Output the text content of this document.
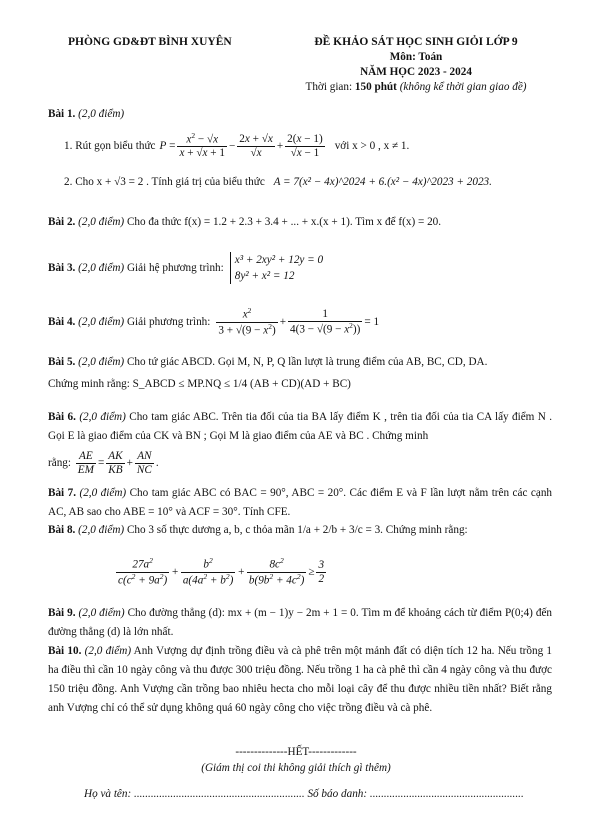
PHÒNG GD&ĐT BÌNH XUYÊN	ĐỀ KHẢO SÁT HỌC SINH GIỎI LỚP 9
Môn: Toán
NĂM HỌC 2023 - 2024
Thời gian: 150 phút (không kể thời gian giao đề)
Bài 1. (2,0 điểm)
1. Rút gọn biểu thức $P = \frac{x^2 - √x}{x + √x + 1} - \frac{2x + √x}{√x} + \frac{2(x - 1)}{√x - 1}$ với x > 0 , x ≠ 1.
2. Cho x + √3 = 2 . Tính giá trị của biểu thức A = 7(x² − 4x)^2024 + 6.(x² − 4x)^2023 + 2023.
Bài 2. (2,0 điểm) Cho đa thức f(x) = 1.2 + 2.3 + 3.4 + ... + x.(x + 1). Tìm x để f(x) = 20.
Bài 3.
(2,0 điểm)
Giải hệ phương trình:
x³ + 2xy² + 12y = 0
8y² + x² = 12
Bài 4.
(2,0 điểm)
Giải phương trình: $\frac{x^2}{3 + √(9 - x^2)} + \frac{1}{4(3 - √(9 - x^2))} = 1$
Bài 5. (2,0 điểm) Cho tứ giác ABCD. Gọi M, N, P, Q lần lượt là trung điểm của AB, BC, CD, DA.
Chứng minh rằng: S_ABCD ≤ MP.NQ ≤ 1/4 (AB + CD)(AD + BC)
Bài 6. (2,0 điểm) Cho tam giác ABC. Trên tia đối của tia BA lấy điểm K , trên tia đối của tia CA lấy điểm N . Gọi E là giao điểm của CK và BN ; Gọi M là giao điểm của AE và BC . Chứng minh
rằng:
$\frac{AE}{EM} = \frac{AK}{KB} + \frac{AN}{NC}$ .
Bài 7. (2,0 điểm) Cho tam giác ABC có BAC = 90°, ABC = 20°. Các điểm E và F lần lượt nằm trên các cạnh AC, AB sao cho ABE = 10° và ACF = 30°. Tính CFE.
Bài 8. (2,0 điểm) Cho 3 số thực dương a, b, c thỏa mãn 1/a + 2/b + 3/c = 3. Chứng minh rằng:
$\frac{27a^2}{c(c^2 + 9a^2)} + \frac{b^2}{a(4a^2 + b^2)} + \frac{8c^2}{b(9b^2 + 4c^2)} \ge \frac{3}{2}$
Bài 9. (2,0 điểm) Cho đường thẳng (d): mx + (m − 1)y − 2m + 1 = 0. Tìm m để khoảng cách từ điểm P(0;4) đến đường thẳng (d) là lớn nhất.
Bài 10. (2,0 điểm) Anh Vượng dự định trồng điều và cà phê trên một mảnh đất có diện tích 12 ha. Nếu trồng 1 ha điều thì cần 10 ngày công và thu được 300 triệu đồng. Nếu trồng 1 ha cà phê thì cần 4 ngày công và thu được 150 triệu đồng. Anh Vượng cần trồng bao nhiêu hecta cho mỗi loại cây để thu được nhiều tiền nhất? Biết rằng anh Vượng chỉ có thể sử dụng không quá 60 ngày công cho việc trồng điều và cà phê.
--------------HẾT-------------
(Giám thị coi thi không giải thích gì thêm)
Họ và tên: ............................................................. Số báo danh: .......................................................
